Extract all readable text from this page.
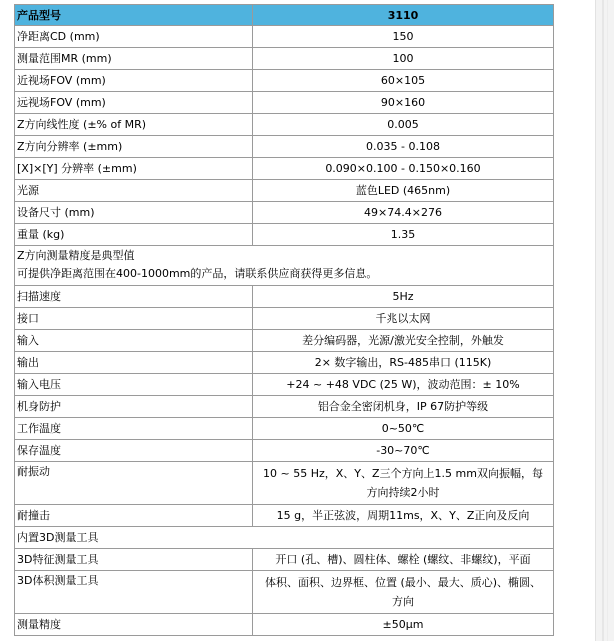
产品型号	3110
净距离CD (mm)	150
测量范围MR (mm)	100
近视场FOV (mm)	60×105
远视场FOV (mm)	90×160
Z方向线性度 (±% of MR)	0.005
Z方向分辨率 (±mm)	0.035 - 0.108
[X]×[Y] 分辨率 (±mm)	0.090×0.100 - 0.150×0.160
光源	蓝色LED (465nm)
设备尺寸 (mm)	49×74.4×276
重量 (kg)	1.35

Z方向测量精度是典型值
可提供净距离范围在400-1000mm的产品，请联系供应商获得更多信息。	

扫描速度	5Hz
接口	千兆以太网
输入	差分编码器，光源/激光安全控制，外触发
输出	2× 数字输出，RS-485串口 (115K)
输入电压	+24 ~ +48 VDC (25 W)，波动范围：± 10%
机身防护	铝合金全密闭机身，IP 67防护等级
工作温度	0~50℃
保存温度	-30~70℃
耐振动	10 ~ 55 Hz，X、Y、Z三个方向上1.5 mm双向振幅，每
方向持续2小时

耐撞击	15 g，半正弦波，周期11ms，X、Y、Z正向及反向
内置3D测量工具	
3D特征测量工具	开口 (孔、槽)、圆柱体、螺栓 (螺纹、非螺纹)，平面
3D体积测量工具	体积、面积、边界框、位置 (最小、最大、质心)、椭圆、
方向

测量精度	±50μm
